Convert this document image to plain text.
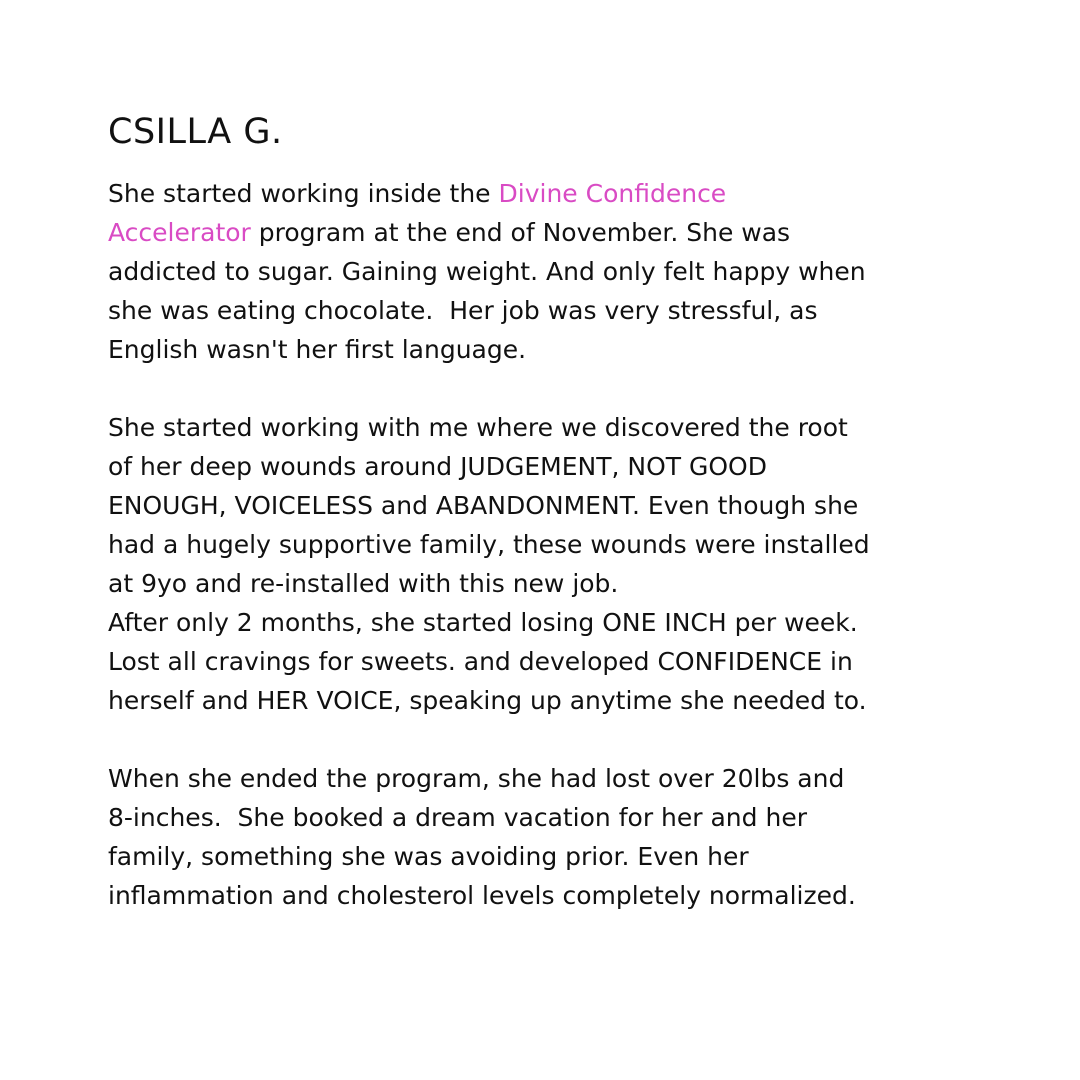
CSILLA G.
She started working inside the Divine Confidence
Accelerator program at the end of November. She was
addicted to sugar. Gaining weight. And only felt happy when
she was eating chocolate.  Her job was very stressful, as
English wasn't her first language.
She started working with me where we discovered the root
of her deep wounds around JUDGEMENT, NOT GOOD
ENOUGH, VOICELESS and ABANDONMENT. Even though she
had a hugely supportive family, these wounds were installed
at 9yo and re-installed with this new job.
After only 2 months, she started losing ONE INCH per week.
Lost all cravings for sweets. and developed CONFIDENCE in
herself and HER VOICE, speaking up anytime she needed to.
When she ended the program, she had lost over 20lbs and
8-inches.  She booked a dream vacation for her and her
family, something she was avoiding prior. Even her
inflammation and cholesterol levels completely normalized.
